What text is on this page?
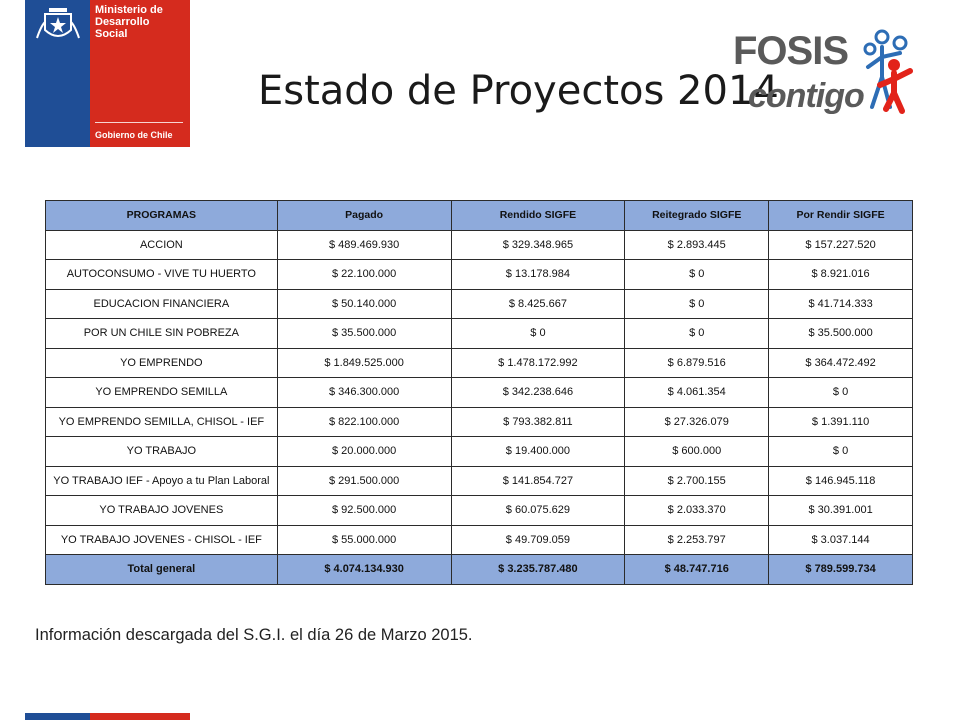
Ministerio de
Desarrollo
Social
Gobierno de Chile
Estado de Proyectos 2014
FOSIS
contigo
PROGRAMAS	Pagado	Rendido SIGFE	Reitegrado SIGFE	Por Rendir SIGFE
ACCION	$ 489.469.930	$ 329.348.965	$ 2.893.445	$ 157.227.520
AUTOCONSUMO - VIVE TU HUERTO	$ 22.100.000	$ 13.178.984	$ 0	$ 8.921.016
EDUCACION FINANCIERA	$ 50.140.000	$ 8.425.667	$ 0	$ 41.714.333
POR UN CHILE SIN POBREZA	$ 35.500.000	$ 0	$ 0	$ 35.500.000
YO EMPRENDO	$ 1.849.525.000	$ 1.478.172.992	$ 6.879.516	$ 364.472.492
YO EMPRENDO SEMILLA	$ 346.300.000	$ 342.238.646	$ 4.061.354	$ 0
YO EMPRENDO SEMILLA, CHISOL - IEF	$ 822.100.000	$ 793.382.811	$ 27.326.079	$ 1.391.110
YO TRABAJO	$ 20.000.000	$ 19.400.000	$ 600.000	$ 0
YO TRABAJO IEF - Apoyo a tu Plan Laboral	$ 291.500.000	$ 141.854.727	$ 2.700.155	$ 146.945.118
YO TRABAJO JOVENES	$ 92.500.000	$ 60.075.629	$ 2.033.370	$ 30.391.001
YO TRABAJO JOVENES - CHISOL - IEF	$ 55.000.000	$ 49.709.059	$ 2.253.797	$ 3.037.144
Total general	$ 4.074.134.930	$ 3.235.787.480	$ 48.747.716	$ 789.599.734
Información descargada del S.G.I. el día 26 de Marzo 2015.
